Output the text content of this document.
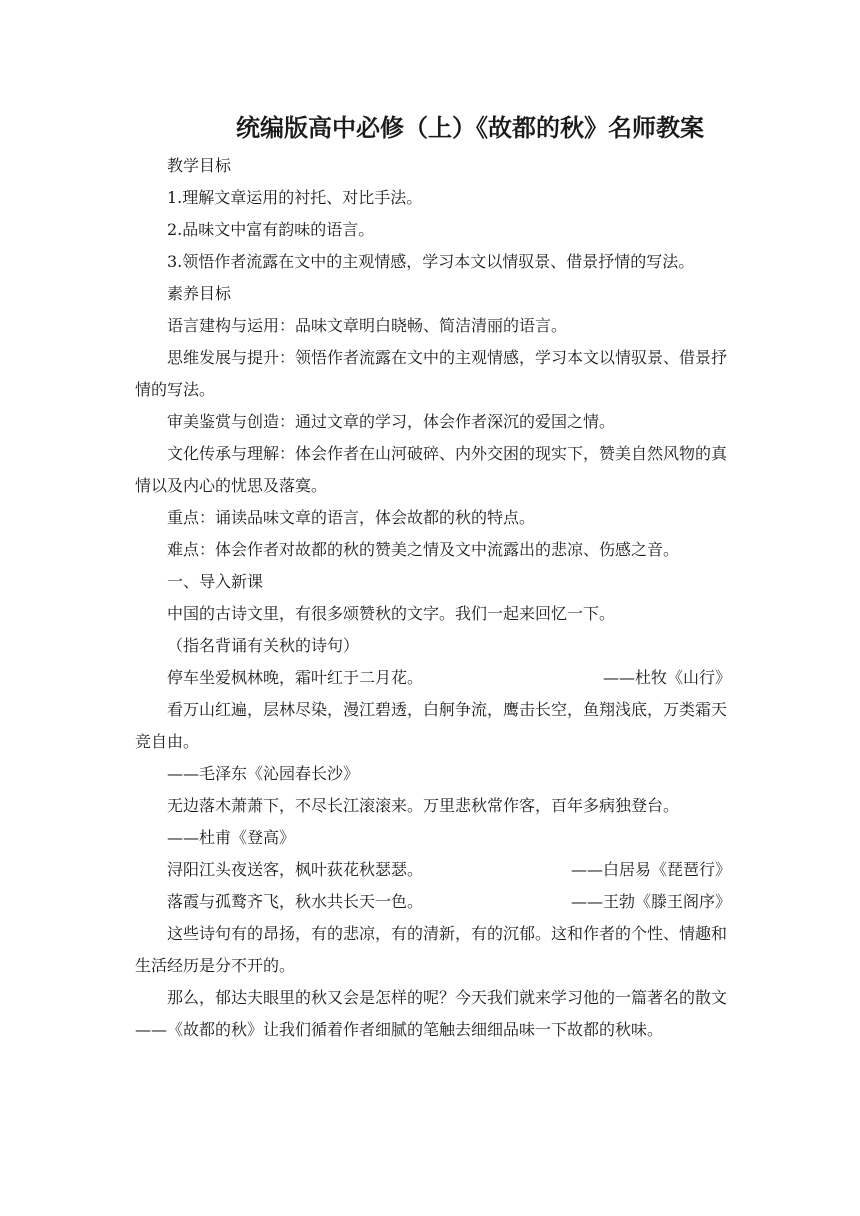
统编版高中必修（上）《故都的秋》名师教案

教学目标

1.理解文章运用的衬托、对比手法。

2.品味文中富有韵味的语言。

3.领悟作者流露在文中的主观情感，学习本文以情驭景、借景抒情的写法。

素养目标

语言建构与运用：品味文章明白晓畅、简洁清丽的语言。

思维发展与提升：领悟作者流露在文中的主观情感，学习本文以情驭景、借景抒情的写法。

审美鉴赏与创造：通过文章的学习，体会作者深沉的爱国之情。

文化传承与理解：体会作者在山河破碎、内外交困的现实下，赞美自然风物的真情以及内心的忧思及落寞。

重点：诵读品味文章的语言，体会故都的秋的特点。

难点：体会作者对故都的秋的赞美之情及文中流露出的悲凉、伤感之音。

一、导入新课

中国的古诗文里，有很多颂赞秋的文字。我们一起来回忆一下。

（指名背诵有关秋的诗句）

停车坐爱枫林晚，霜叶红于二月花。	——杜牧《山行》

看万山红遍，层林尽染，漫江碧透，白舸争流，鹰击长空，鱼翔浅底，万类霜天竞自由。

——毛泽东《沁园春长沙》

无边落木萧萧下，不尽长江滚滚来。万里悲秋常作客，百年多病独登台。

——杜甫《登高》

浔阳江头夜送客，枫叶荻花秋瑟瑟。	——白居易《琵琶行》
落霞与孤鹜齐飞，秋水共长天一色。	——王勃《滕王阁序》

这些诗句有的昂扬，有的悲凉，有的清新，有的沉郁。这和作者的个性、情趣和生活经历是分不开的。

那么，郁达夫眼里的秋又会是怎样的呢？今天我们就来学习他的一篇著名的散文——《故都的秋》让我们循着作者细腻的笔触去细细品味一下故都的秋味。
